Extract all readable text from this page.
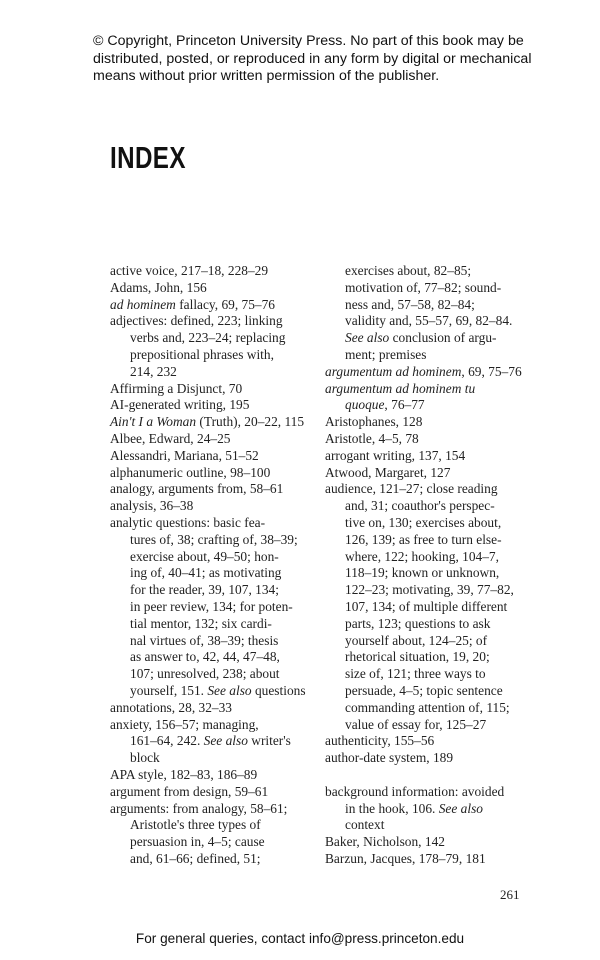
© Copyright, Princeton University Press. No part of this book may be
distributed, posted, or reproduced in any form by digital or mechanical
means without prior written permission of the publisher.
INDEX
active voice, 217–18, 228–29
Adams, John, 156
ad hominem fallacy, 69, 75–76
adjectives: defined, 223; linking
verbs and, 223–24; replacing
prepositional phrases with,
214, 232
Affirming a Disjunct, 70
AI-generated writing, 195
Ain't I a Woman (Truth), 20–22, 115
Albee, Edward, 24–25
Alessandri, Mariana, 51–52
alphanumeric outline, 98–100
analogy, arguments from, 58–61
analysis, 36–38
analytic questions: basic fea-
tures of, 38; crafting of, 38–39;
exercise about, 49–50; hon-
ing of, 40–41; as motivating
for the reader, 39, 107, 134;
in peer review, 134; for poten-
tial mentor, 132; six cardi-
nal virtues of, 38–39; thesis
as answer to, 42, 44, 47–48,
107; unresolved, 238; about
yourself, 151. See also questions
annotations, 28, 32–33
anxiety, 156–57; managing,
161–64, 242. See also writer's
block
APA style, 182–83, 186–89
argument from design, 59–61
arguments: from analogy, 58–61;
Aristotle's three types of
persuasion in, 4–5; cause
and, 61–66; defined, 51;
exercises about, 82–85;
motivation of, 77–82; sound-
ness and, 57–58, 82–84;
validity and, 55–57, 69, 82–84.
See also conclusion of argu-
ment; premises
argumentum ad hominem, 69, 75–76
argumentum ad hominem tu
quoque, 76–77
Aristophanes, 128
Aristotle, 4–5, 78
arrogant writing, 137, 154
Atwood, Margaret, 127
audience, 121–27; close reading
and, 31; coauthor's perspec-
tive on, 130; exercises about,
126, 139; as free to turn else-
where, 122; hooking, 104–7,
118–19; known or unknown,
122–23; motivating, 39, 77–82,
107, 134; of multiple different
parts, 123; questions to ask
yourself about, 124–25; of
rhetorical situation, 19, 20;
size of, 121; three ways to
persuade, 4–5; topic sentence
commanding attention of, 115;
value of essay for, 125–27
authenticity, 155–56
author-date system, 189
background information: avoided
in the hook, 106. See also
context
Baker, Nicholson, 142
Barzun, Jacques, 178–79, 181
261
For general queries, contact info@press.princeton.edu
